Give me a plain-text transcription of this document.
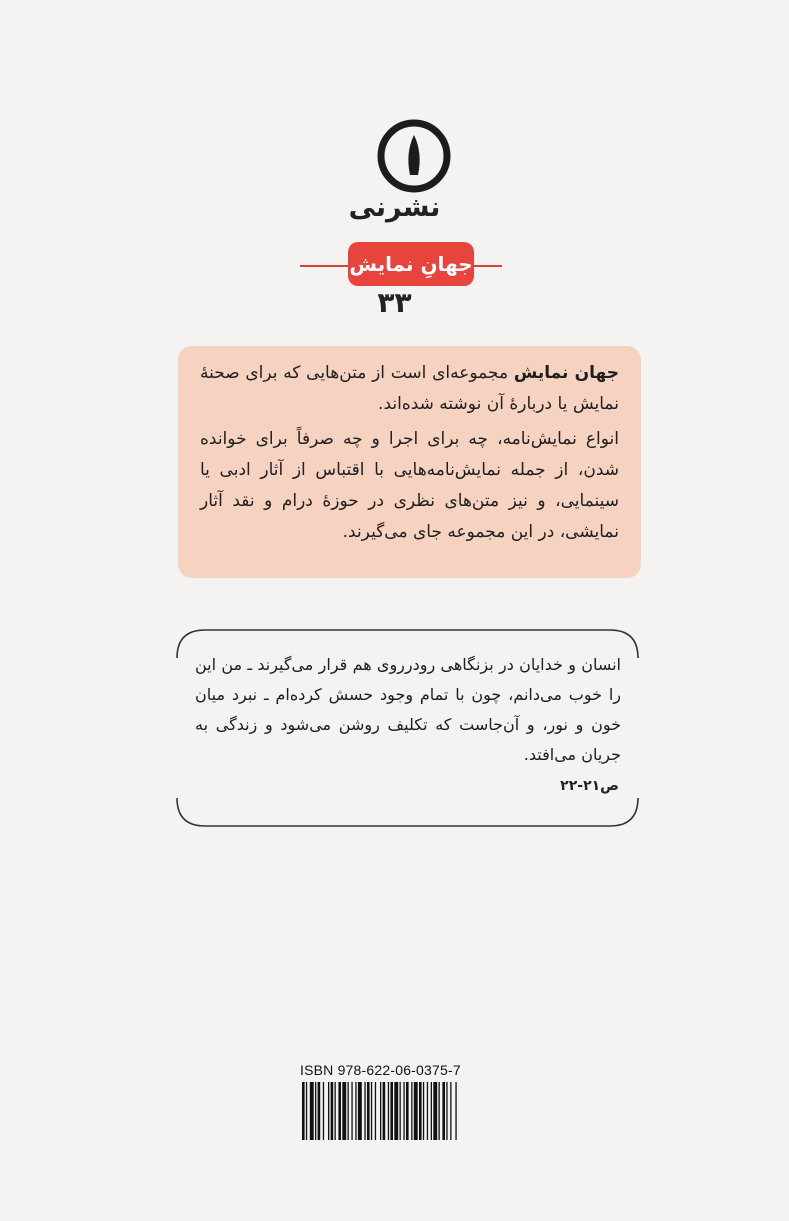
نشرنی
جهانِ نمایش
۳۳

جهان نمایش مجموعه‌ای است از متن‌هایی که برای صحنهٔ نمایش یا دربارهٔ آن نوشته شده‌اند.

انواع نمایش‌نامه، چه برای اجرا و چه صرفاً برای خوانده شدن، از جمله نمایش‌نامه‌هایی با اقتباس از آثار ادبی یا سینمایی، و نیز متن‌های نظری در حوزهٔ درام و نقد آثار نمایشی، در این مجموعه جای می‌گیرند.

انسان و خدایان در بزنگاهی رودرروی هم قرار می‌گیرند ـ من این را خوب می‌دانم، چون با تمام وجود حسش کرده‌ام ـ نبرد میان خون و نور، و آن‌جاست که تکلیف روشن می‌شود و زندگی به جریان می‌افتد.
ص۲۱-۲۲
ISBN 978-622-06-0375-7
